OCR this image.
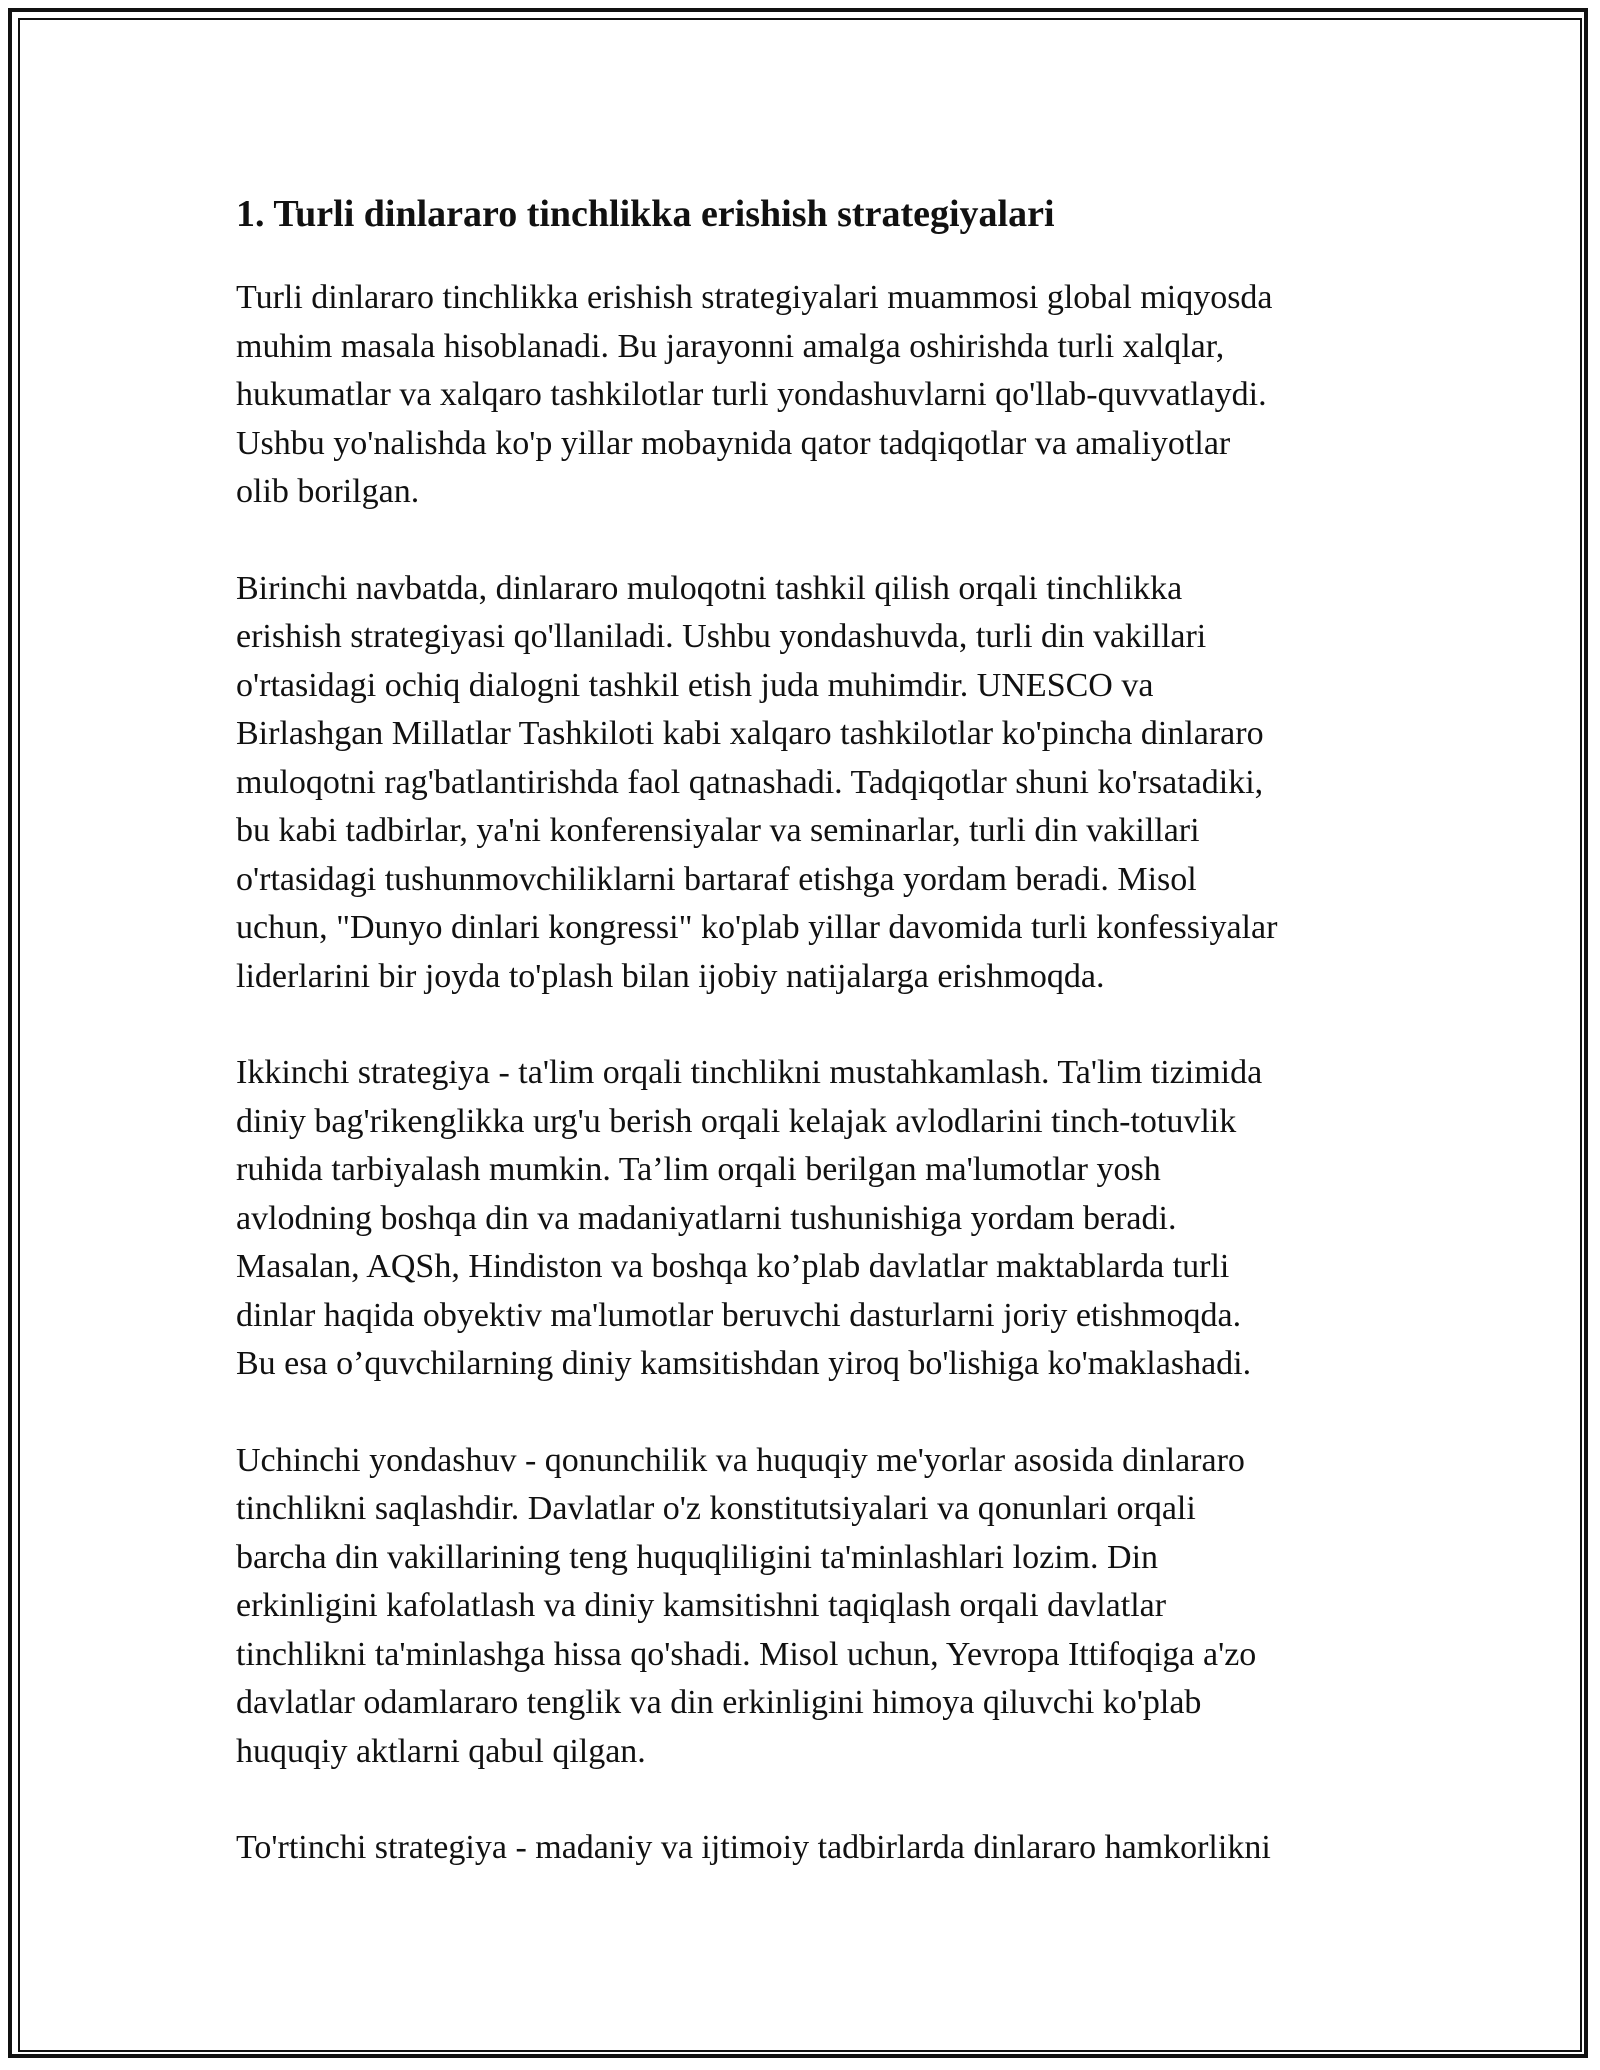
1. Turli dinlararo tinchlikka erishish strategiyalari

Turli dinlararo tinchlikka erishish strategiyalari muammosi global miqyosda
muhim masala hisoblanadi. Bu jarayonni amalga oshirishda turli xalqlar,
hukumatlar va xalqaro tashkilotlar turli yondashuvlarni qo'llab-quvvatlaydi.
Ushbu yo'nalishda ko'p yillar mobaynida qator tadqiqotlar va amaliyotlar
olib borilgan.

Birinchi navbatda, dinlararo muloqotni tashkil qilish orqali tinchlikka
erishish strategiyasi qo'llaniladi. Ushbu yondashuvda, turli din vakillari
o'rtasidagi ochiq dialogni tashkil etish juda muhimdir. UNESCO va
Birlashgan Millatlar Tashkiloti kabi xalqaro tashkilotlar ko'pincha dinlararo
muloqotni rag'batlantirishda faol qatnashadi. Tadqiqotlar shuni ko'rsatadiki,
bu kabi tadbirlar, ya'ni konferensiyalar va seminarlar, turli din vakillari
o'rtasidagi tushunmovchiliklarni bartaraf etishga yordam beradi. Misol
uchun, "Dunyo dinlari kongressi" ko'plab yillar davomida turli konfessiyalar
liderlarini bir joyda to'plash bilan ijobiy natijalarga erishmoqda.

Ikkinchi strategiya - ta'lim orqali tinchlikni mustahkamlash. Ta'lim tizimida
diniy bag'rikenglikka urg'u berish orqali kelajak avlodlarini tinch-totuvlik
ruhida tarbiyalash mumkin. Ta’lim orqali berilgan ma'lumotlar yosh
avlodning boshqa din va madaniyatlarni tushunishiga yordam beradi.
Masalan, AQSh, Hindiston va boshqa ko’plab davlatlar maktablarda turli
dinlar haqida obyektiv ma'lumotlar beruvchi dasturlarni joriy etishmoqda.
Bu esa o’quvchilarning diniy kamsitishdan yiroq bo'lishiga ko'maklashadi.

Uchinchi yondashuv - qonunchilik va huquqiy me'yorlar asosida dinlararo
tinchlikni saqlashdir. Davlatlar o'z konstitutsiyalari va qonunlari orqali
barcha din vakillarining teng huquqliligini ta'minlashlari lozim. Din
erkinligini kafolatlash va diniy kamsitishni taqiqlash orqali davlatlar
tinchlikni ta'minlashga hissa qo'shadi. Misol uchun, Yevropa Ittifoqiga a'zo
davlatlar odamlararo tenglik va din erkinligini himoya qiluvchi ko'plab
huquqiy aktlarni qabul qilgan.

To'rtinchi strategiya - madaniy va ijtimoiy tadbirlarda dinlararo hamkorlikni
